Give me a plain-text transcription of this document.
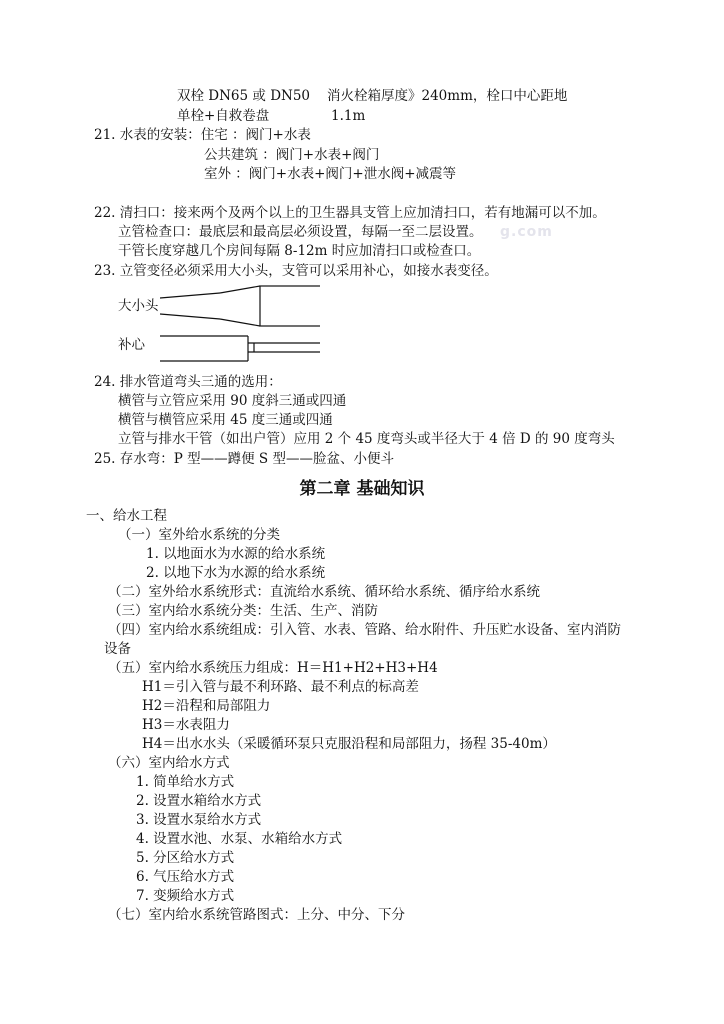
g.com
双栓 DN65 或 DN50 消火栓箱厚度》240mm，栓口中心距地
单栓+自救卷盘	1.1m
21. 水表的安装：住宅 ：阀门+水表
公共建筑 ：阀门+水表+阀门
室外 ：阀门+水表+阀门+泄水阀+减震等
22. 清扫口：接来两个及两个以上的卫生器具支管上应加清扫口，若有地漏可以不加。
立管检查口：最底层和最高层必须设置，每隔一至二层设置。
干管长度穿越几个房间每隔 8-12m 时应加清扫口或检查口。
23. 立管变径必须采用大小头，支管可以采用补心，如接水表变径。
大小头
补心
24. 排水管道弯头三通的选用：
横管与立管应采用 90 度斜三通或四通
横管与横管应采用 45 度三通或四通
立管与排水干管（如出户管）应用 2 个 45 度弯头或半径大于 4 倍 D 的 90 度弯头
25. 存水弯：P 型——蹲便 S 型——脸盆、小便斗
第二章 基础知识
一、给水工程
（一）室外给水系统的分类
1. 以地面水为水源的给水系统
2. 以地下水为水源的给水系统
（二）室外给水系统形式：直流给水系统、循环给水系统、循序给水系统
（三）室内给水系统分类：生活、生产、消防
（四）室内给水系统组成：引入管、水表、管路、给水附件、升压贮水设备、室内消防
设备
（五）室内给水系统压力组成：H＝H1+H2+H3+H4
H1＝引入管与最不利环路、最不利点的标高差
H2＝沿程和局部阻力
H3＝水表阻力
H4＝出水水头（采暖循环泵只克服沿程和局部阻力，扬程 35-40m）
（六）室内给水方式
1. 简单给水方式
2. 设置水箱给水方式
3. 设置水泵给水方式
4. 设置水池、水泵、水箱给水方式
5. 分区给水方式
6. 气压给水方式
7. 变频给水方式
（七）室内给水系统管路图式：上分、中分、下分
